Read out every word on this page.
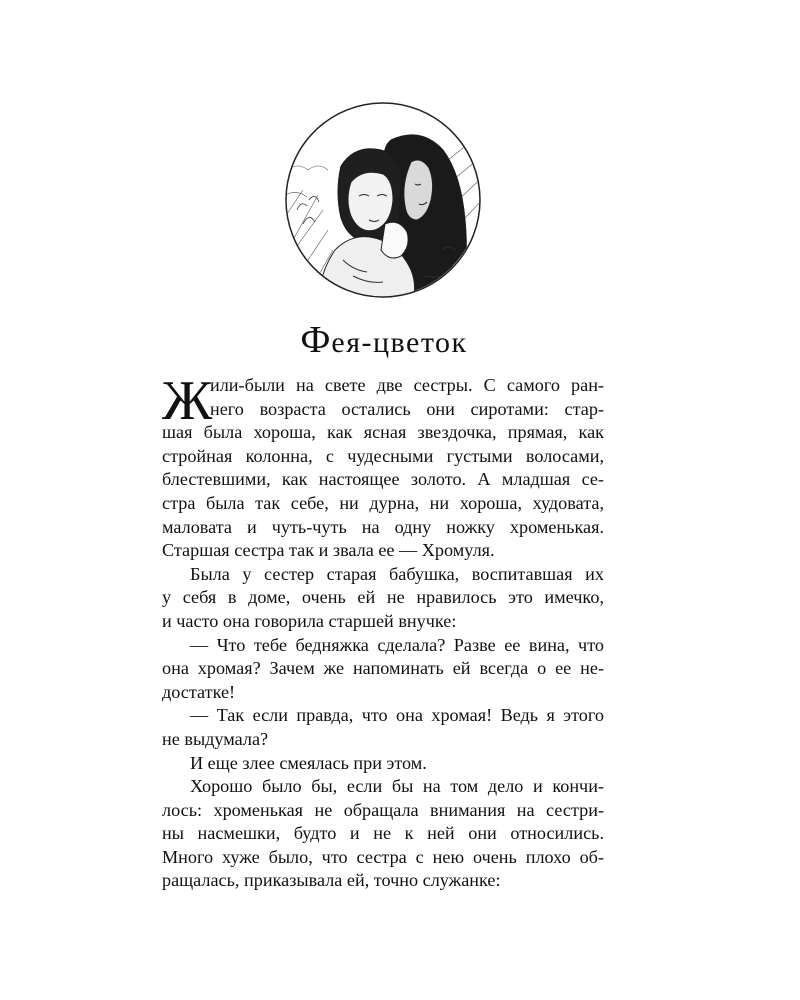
Фея-цветок
Ж
или-были на свете две сестры. С самого ран-
него возраста остались они сиротами: стар-
шая была хороша, как ясная звездочка, прямая, как
стройная колонна, с чудесными густыми волосами,
блестевшими, как настоящее золото. А младшая се-
стра была так себе, ни дурна, ни хороша, худовата,
маловата и чуть-чуть на одну ножку хроменькая.
Старшая сестра так и звала ее — Хромуля.
Была у сестер старая бабушка, воспитавшая их
у себя в доме, очень ей не нравилось это имечко,
и часто она говорила старшей внучке:
— Что тебе бедняжка сделала? Разве ее вина, что
она хромая? Зачем же напоминать ей всегда о ее не-
достатке!
— Так если правда, что она хромая! Ведь я этого
не выдумала?
И еще злее смеялась при этом.
Хорошо было бы, если бы на том дело и кончи-
лось: хроменькая не обращала внимания на сестри-
ны насмешки, будто и не к ней они относились.
Много хуже было, что сестра с нею очень плохо об-
ращалась, приказывала ей, точно служанке:
